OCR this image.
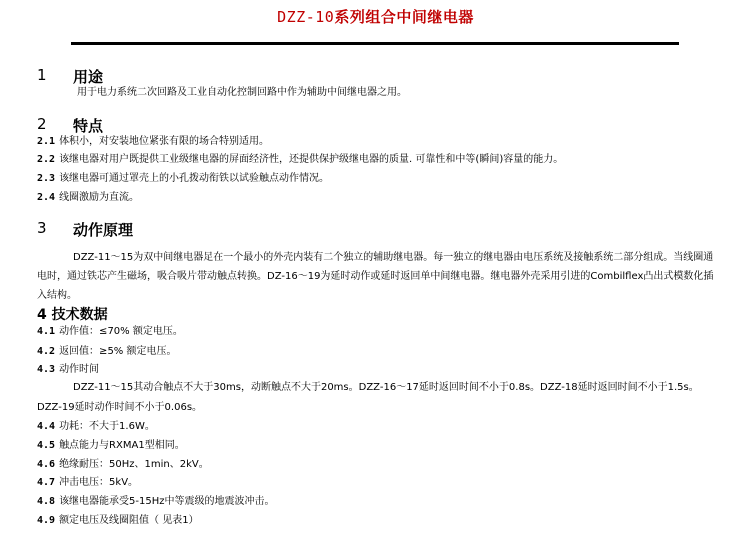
DZZ-10系列组合中间继电器
1 用途
用于电力系统二次回路及工业自动化控制回路中作为辅助中间继电器之用。
2 特点
2.1 体积小，对安装地位紧张有限的场合特别适用。
2.2 该继电器对用户既提供工业级继电器的屏面经济性，还提供保护级继电器的质量. 可靠性和中等(瞬间)容量的能力。
2.3 该继电器可通过罩壳上的小孔拨动衔铁以试验触点动作情况。
2.4 线圈激励为直流。
3 动作原理
DZZ-11～15为双中间继电器足在一个最小的外壳内装有二个独立的辅助继电器。每一独立的继电器由电压系统及接触系统二部分组成。当线圈通电时，通过铁芯产生磁场，吸合吸片带动触点转换。DZ-16～19为延时动作或延时返回单中间继电器。继电器外壳采用引进的Combilflex凸出式模数化插入结构。
4 技术数据
4.1 动作值：≤70% 额定电压。
4.2 返回值：≥5% 额定电压。
4.3 动作时间
DZZ-11～15其动合触点不大于30ms，动断触点不大于20ms。DZZ-16～17延时返回时间不小于0.8s。DZZ-18延时返回时间不小于1.5s。DZZ-19延时动作时间不小于0.06s。
4.4 功耗：不大于1.6W。
4.5 触点能力与RXMA1型相同。
4.6 绝缘耐压：50Hz、1min、2kV。
4.7 冲击电压：5kV。
4.8 该继电器能承受5-15Hz中等震级的地震波冲击。
4.9 额定电压及线圈阻值（ 见表1）
